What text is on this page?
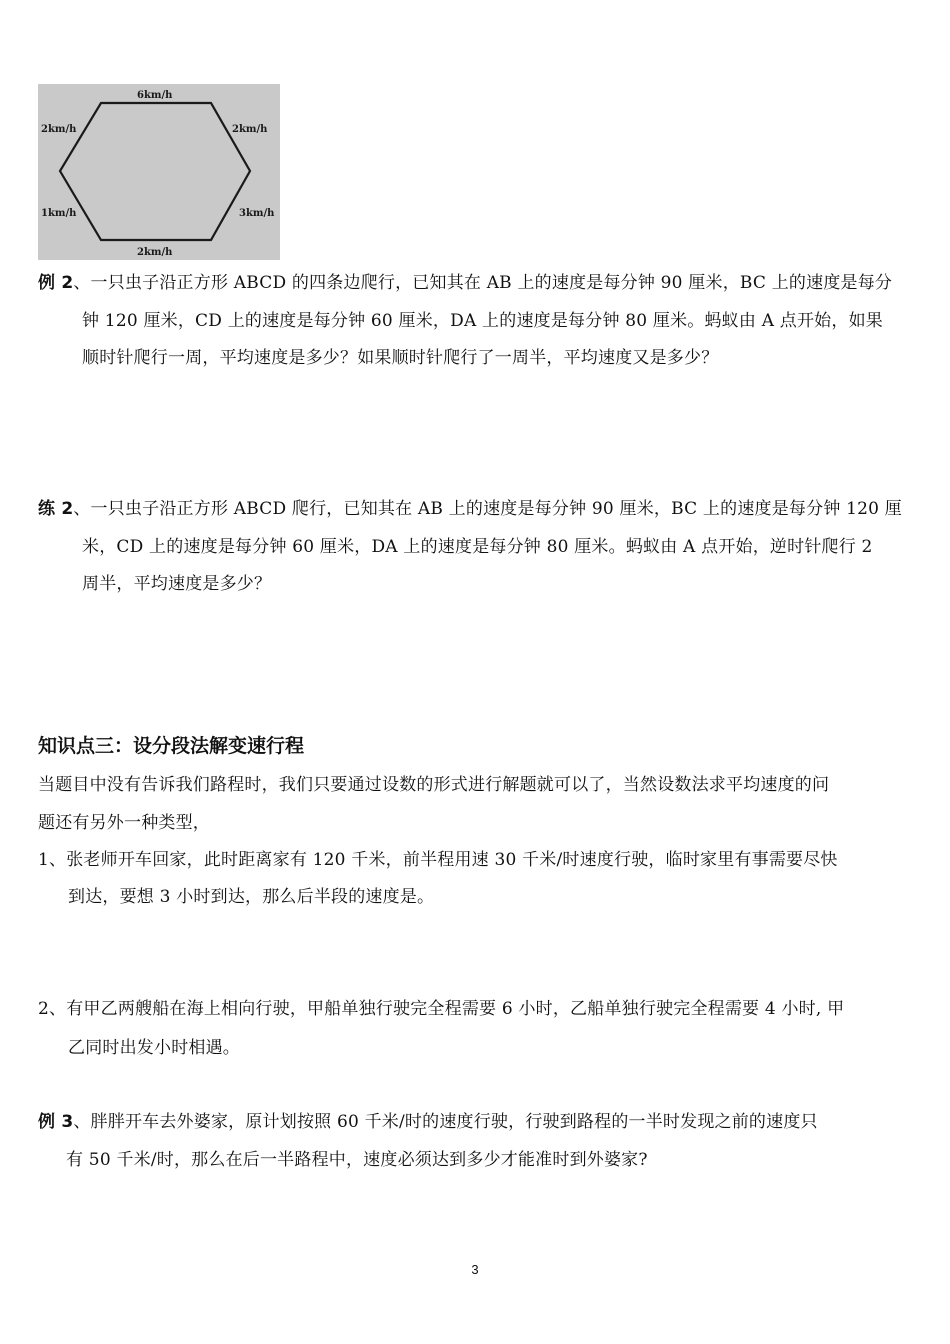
6km/h
2km/h	2km/h
1km/h	3km/h
2km/h
例 2、一只虫子沿正方形 ABCD 的四条边爬行，已知其在 AB 上的速度是每分钟 90 厘米，BC 上的速度是每分
钟 120 厘米，CD 上的速度是每分钟 60 厘米，DA 上的速度是每分钟 80 厘米。蚂蚁由 A 点开始，如果
顺时针爬行一周，平均速度是多少？如果顺时针爬行了一周半，平均速度又是多少？
练 2、一只虫子沿正方形 ABCD 爬行，已知其在 AB 上的速度是每分钟 90 厘米，BC 上的速度是每分钟 120 厘
米，CD 上的速度是每分钟 60 厘米，DA 上的速度是每分钟 80 厘米。蚂蚁由 A 点开始，逆时针爬行 2
周半，平均速度是多少？
知识点三：设分段法解变速行程
当题目中没有告诉我们路程时，我们只要通过设数的形式进行解题就可以了，当然设数法求平均速度的问
题还有另外一种类型，
1、张老师开车回家，此时距离家有 120 千米，前半程用速 30 千米/时速度行驶，临时家里有事需要尽快
到达，要想 3 小时到达，那么后半段的速度是。
2、有甲乙两艘船在海上相向行驶，甲船单独行驶完全程需要 6 小时，乙船单独行驶完全程需要 4 小时, 甲
乙同时出发小时相遇。
例 3、胖胖开车去外婆家，原计划按照 60 千米/时的速度行驶，行驶到路程的一半时发现之前的速度只
有 50 千米/时，那么在后一半路程中，速度必须达到多少才能准时到外婆家?
3
